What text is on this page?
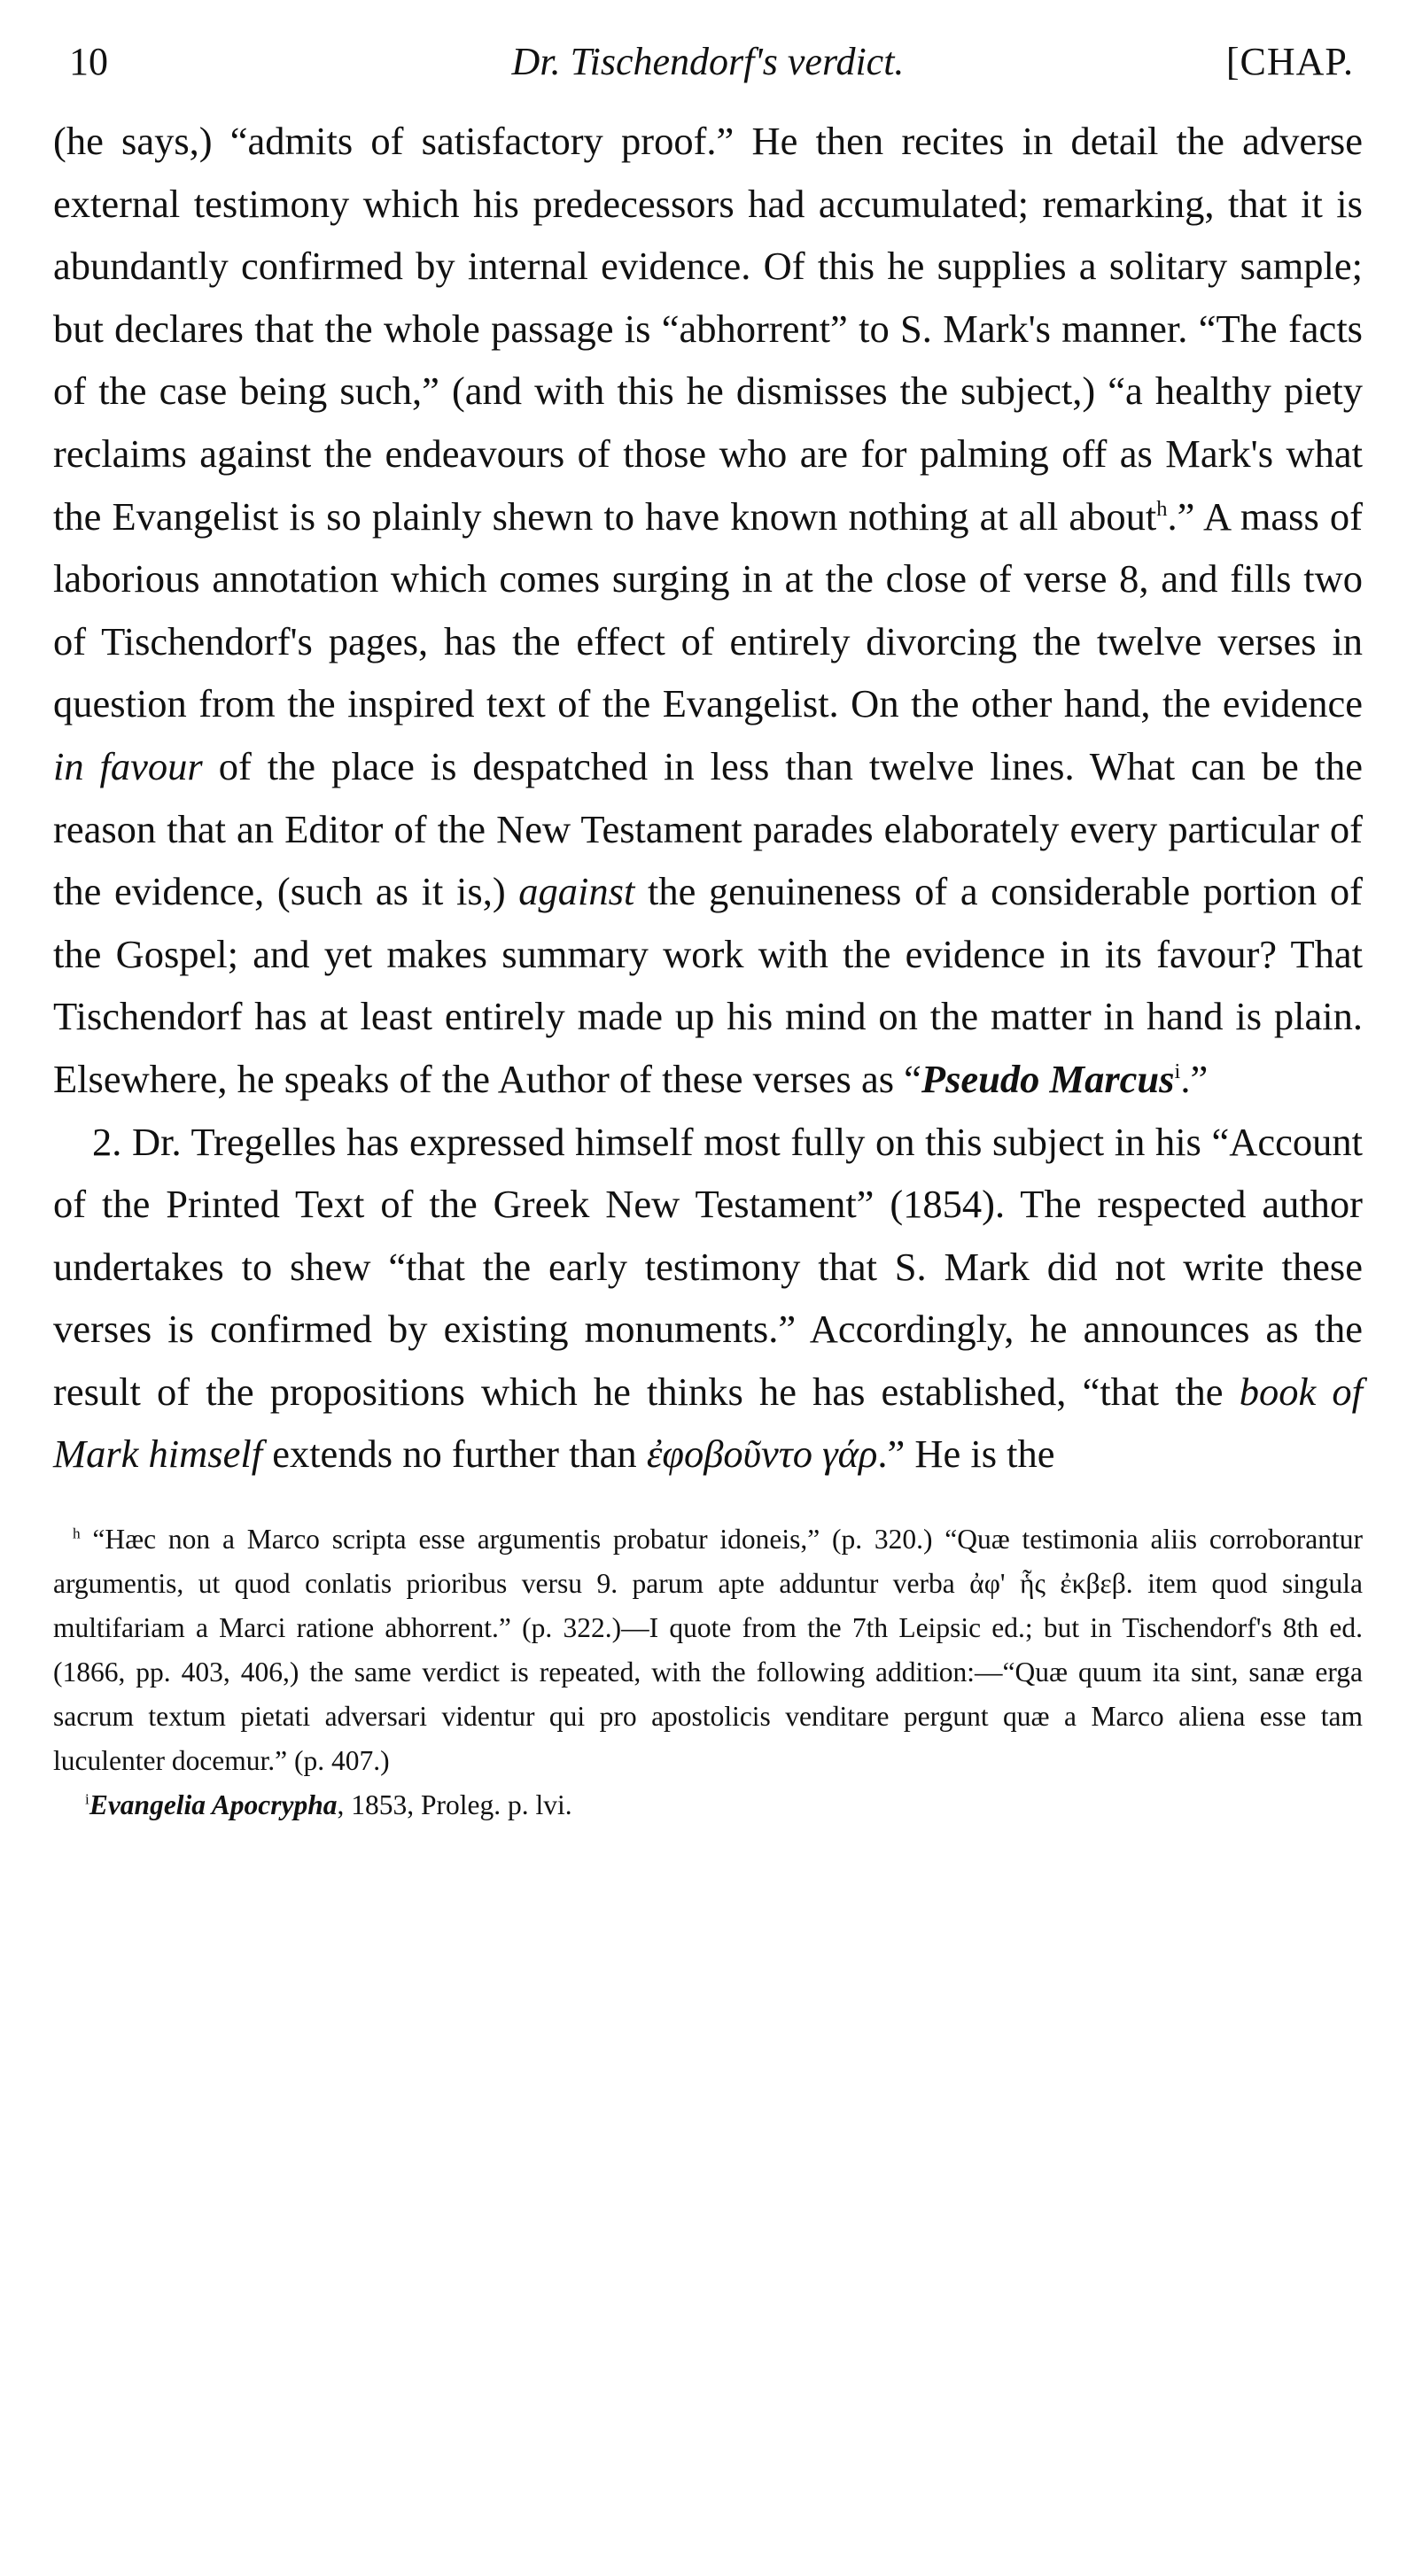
10	Dr. Tischendorf's verdict.	[CHAP.

(he says,) “admits of satisfactory proof.” He then recites in detail the adverse external testimony which his predecessors had accumulated; remarking, that it is abundantly confirmed by internal evidence. Of this he supplies a solitary sample; but declares that the whole passage is “abhorrent” to S. Mark's manner. “The facts of the case being such,” (and with this he dismisses the subject,) “a healthy piety reclaims against the endeavours of those who are for palming off as Mark's what the Evangelist is so plainly shewn to have known nothing at all about$^h$.” A mass of laborious annotation which comes surging in at the close of verse 8, and fills two of Tischendorf's pages, has the effect of entirely divorcing the twelve verses in question from the inspired text of the Evangelist. On the other hand, the evidence in favour of the place is despatched in less than twelve lines. What can be the reason that an Editor of the New Testament parades elaborately every particular of the evidence, (such as it is,) against the genuineness of a considerable portion of the Gospel; and yet makes summary work with the evidence in its favour? That Tischendorf has at least entirely made up his mind on the matter in hand is plain. Elsewhere, he speaks of the Author of these verses as “Pseudo Marcus$^i$.”

2. Dr. Tregelles has expressed himself most fully on this subject in his “Account of the Printed Text of the Greek New Testament” (1854). The respected author undertakes to shew “that the early testimony that S. Mark did not write these verses is confirmed by existing monuments.” Accordingly, he announces as the result of the propositions which he thinks he has established, “that the book of Mark himself extends no further than ἐφοβοῦντο γάρ.” He is the

$^h$ “Hæc non a Marco scripta esse argumentis probatur idoneis,” (p. 320.) “Quæ testimonia aliis corroborantur argumentis, ut quod conlatis prioribus versu 9. parum apte adduntur verba ἀφ' ἧς ἐκβεβ. item quod singula multifariam a Marci ratione abhorrent.” (p. 322.)—I quote from the 7th Leipsic ed.; but in Tischendorf's 8th ed. (1866, pp. 403, 406,) the same verdict is repeated, with the following addition:—“Quæ quum ita sint, sanæ erga sacrum textum pietati adversari videntur qui pro apostolicis venditare pergunt quæ a Marco aliena esse tam luculenter docemur.” (p. 407.)

$^i$Evangelia Apocrypha, 1853, Proleg. p. lvi.
